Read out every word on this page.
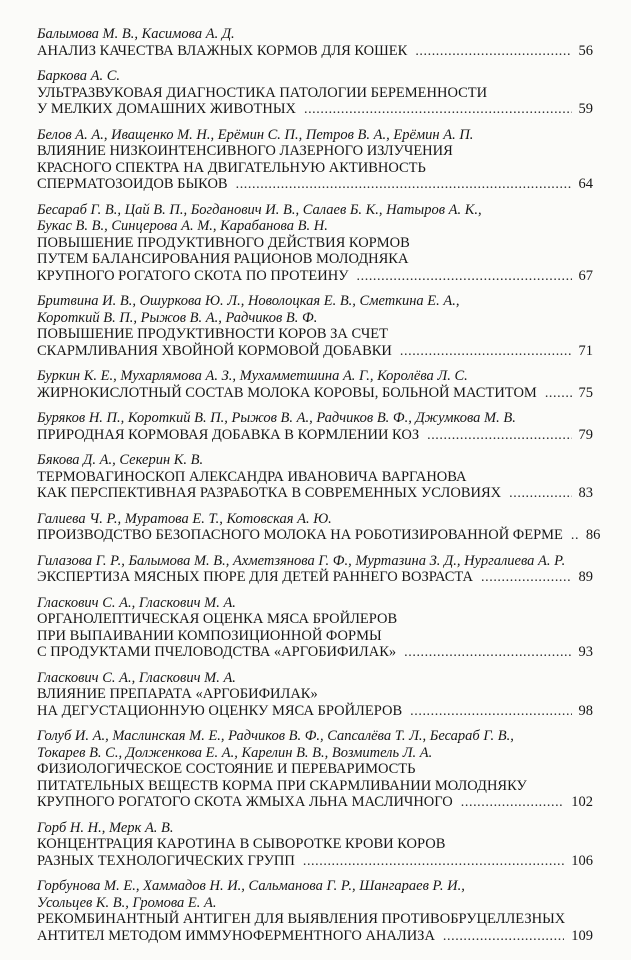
Балымова М. В., Касимова А. Д.
АНАЛИЗ КАЧЕСТВА ВЛАЖНЫХ КОРМОВ ДЛЯ КОШЕК .....	56
Баркова А. С.
УЛЬТРАЗВУКОВАЯ ДИАГНОСТИКА ПАТОЛОГИИ БЕРЕМЕННОСТИ
У МЕЛКИХ ДОМАШНИХ ЖИВОТНЫХ .....	59
Белов А. А., Иващенко М. Н., Ерёмин С. П., Петров В. А., Ерёмин А. П.
ВЛИЯНИЕ НИЗКОИНТЕНСИВНОГО ЛАЗЕРНОГО ИЗЛУЧЕНИЯ
КРАСНОГО СПЕКТРА НА ДВИГАТЕЛЬНУЮ АКТИВНОСТЬ
СПЕРМАТОЗОИДОВ БЫКОВ .....	64
Бесараб Г. В., Цай В. П., Богданович И. В., Салаев Б. К., Натыров А. К.,
Букас В. В., Синцерова А. М., Карабанова В. Н.
ПОВЫШЕНИЕ ПРОДУКТИВНОГО ДЕЙСТВИЯ КОРМОВ
ПУТЕМ БАЛАНСИРОВАНИЯ РАЦИОНОВ МОЛОДНЯКА
КРУПНОГО РОГАТОГО СКОТА ПО ПРОТЕИНУ .....	67
Бритвина И. В., Ошуркова Ю. Л., Новолоцкая Е. В., Сметкина Е. А.,
Короткий В. П., Рыжов В. А., Радчиков В. Ф.
ПОВЫШЕНИЕ ПРОДУКТИВНОСТИ КОРОВ ЗА СЧЕТ
СКАРМЛИВАНИЯ ХВОЙНОЙ КОРМОВОЙ ДОБАВКИ .....	71
Буркин К. Е., Мухарлямова А. З., Мухамметшина А. Г., Королёва Л. С.
ЖИРНОКИСЛОТНЫЙ СОСТАВ МОЛОКА КОРОВЫ, БОЛЬНОЙ МАСТИТОМ .....	75
Буряков Н. П., Короткий В. П., Рыжов В. А., Радчиков В. Ф., Джумкова М. В.
ПРИРОДНАЯ КОРМОВАЯ ДОБАВКА В КОРМЛЕНИИ КОЗ .....	79
Бякова Д. А., Секерин К. В.
ТЕРМОВАГИНОСКОП АЛЕКСАНДРА ИВАНОВИЧА ВАРГАНОВА
КАК ПЕРСПЕКТИВНАЯ РАЗРАБОТКА В СОВРЕМЕННЫХ УСЛОВИЯХ .....	83
Галиева Ч. Р., Муратова Е. Т., Котовская А. Ю.
ПРОИЗВОДСТВО БЕЗОПАСНОГО МОЛОКА НА РОБОТИЗИРОВАННОЙ ФЕРМЕ ..... 86
Гилазова Г. Р., Балымова М. В., Ахметзянова Г. Ф., Муртазина З. Д., Нургалиева А. Р.
ЭКСПЕРТИЗА МЯСНЫХ ПЮРЕ ДЛЯ ДЕТЕЙ РАННЕГО ВОЗРАСТА .....	89
Гласкович С. А., Гласкович М. А.
ОРГАНОЛЕПТИЧЕСКАЯ ОЦЕНКА МЯСА БРОЙЛЕРОВ
ПРИ ВЫПАИВАНИИ КОМПОЗИЦИОННОЙ ФОРМЫ
С ПРОДУКТАМИ ПЧЕЛОВОДСТВА «АРГОБИФИЛАК» .....	93
Гласкович С. А., Гласкович М. А.
ВЛИЯНИЕ ПРЕПАРАТА «АРГОБИФИЛАК»
НА ДЕГУСТАЦИОННУЮ ОЦЕНКУ МЯСА БРОЙЛЕРОВ .....	98
Голуб И. А., Маслинская М. Е., Радчиков В. Ф., Сапсалёва Т. Л., Бесараб Г. В.,
Токарев В. С., Долженкова Е. А., Карелин В. В., Возмитель Л. А.
ФИЗИОЛОГИЧЕСКОЕ СОСТОЯНИЕ И ПЕРЕВАРИМОСТЬ
ПИТАТЕЛЬНЫХ ВЕЩЕСТВ КОРМА ПРИ СКАРМЛИВАНИИ МОЛОДНЯКУ
КРУПНОГО РОГАТОГО СКОТА ЖМЫХА ЛЬНА МАСЛИЧНОГО .....	102
Горб Н. Н., Мерк А. В.
КОНЦЕНТРАЦИЯ КАРОТИНА В СЫВОРОТКЕ КРОВИ КОРОВ
РАЗНЫХ ТЕХНОЛОГИЧЕСКИХ ГРУПП .....	106
Горбунова М. Е., Хаммадов Н. И., Сальманова Г. Р., Шангараев Р. И.,
Усольцев К. В., Громова Е. А.
РЕКОМБИНАНТНЫЙ АНТИГЕН ДЛЯ ВЫЯВЛЕНИЯ ПРОТИВОБРУЦЕЛЛЕЗНЫХ
АНТИТЕЛ МЕТОДОМ ИММУНОФЕРМЕНТНОГО АНАЛИЗА .....	109
